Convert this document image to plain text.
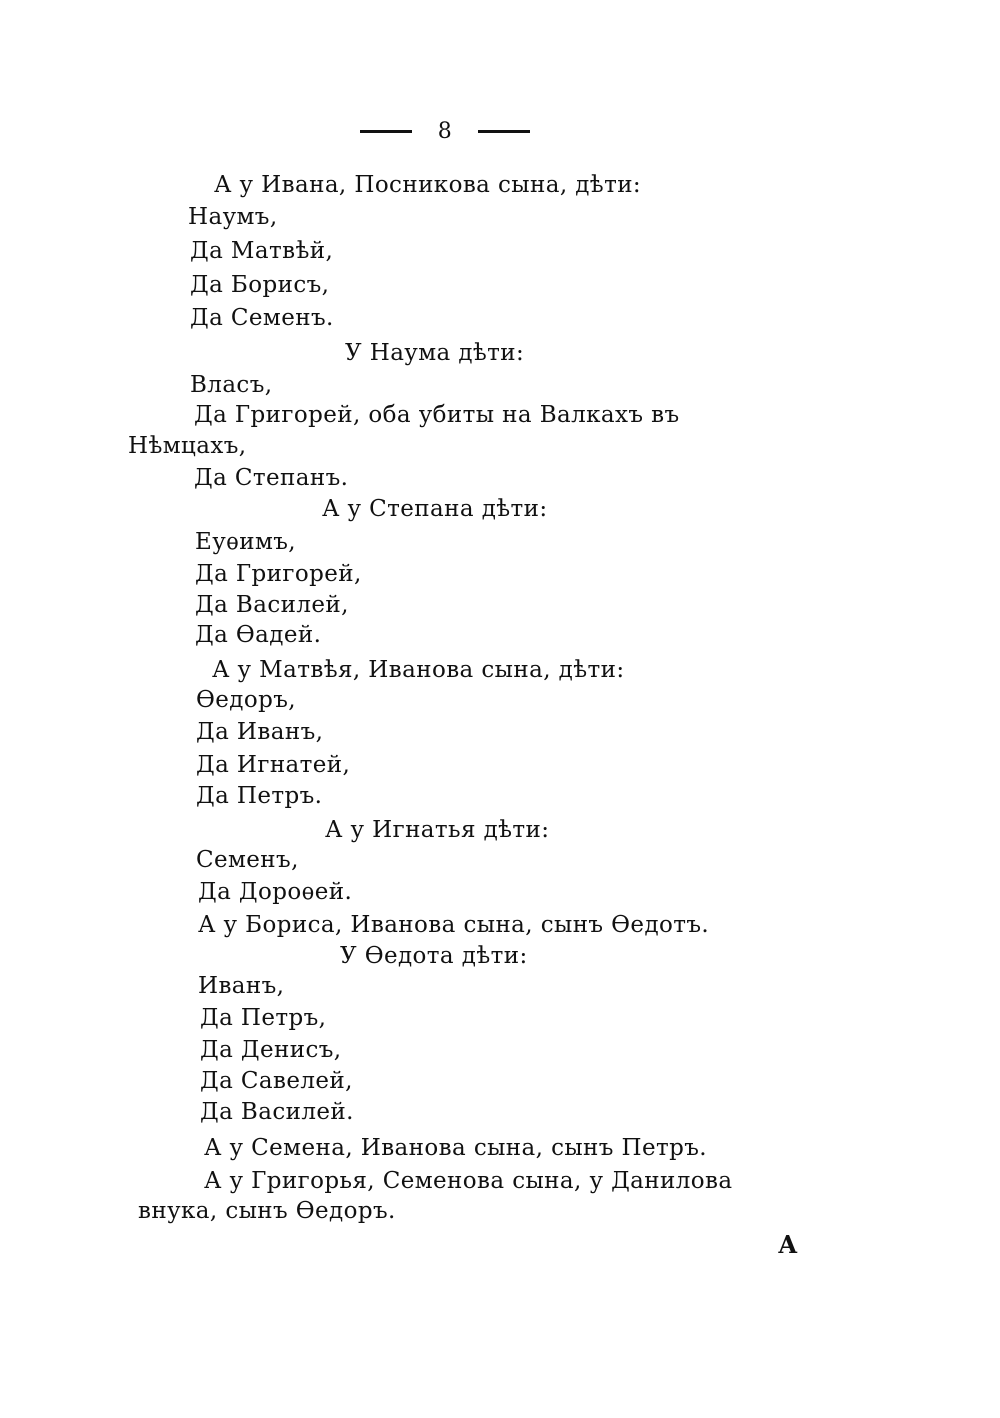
8
А у Ивана, Посникова сына, дѣти:
Наумъ,
Да Матвѣй,
Да Борисъ,
Да Семенъ.
У Наума дѣти:
Власъ,
Да Григорей, оба убиты на Валкахъ въ
Нѣмцахъ,
Да Степанъ.
А у Степана дѣти:
Еуѳимъ,
Да Григорей,
Да Василей,
Да Ѳадей.
А у Матвѣя, Иванова сына, дѣти:
Ѳедоръ,
Да Иванъ,
Да Игнатей,
Да Петръ.
А у Игнатья дѣти:
Семенъ,
Да Дороѳей.
А у Бориса, Иванова сына, сынъ Ѳедотъ.
У Ѳедота дѣти:
Иванъ,
Да Петръ,
Да Денисъ,
Да Савелей,
Да Василей.
А у Семена, Иванова сына, сынъ Петръ.
А у Григорья, Семенова сына, у Данилова
внука, сынъ Ѳедоръ.
А
